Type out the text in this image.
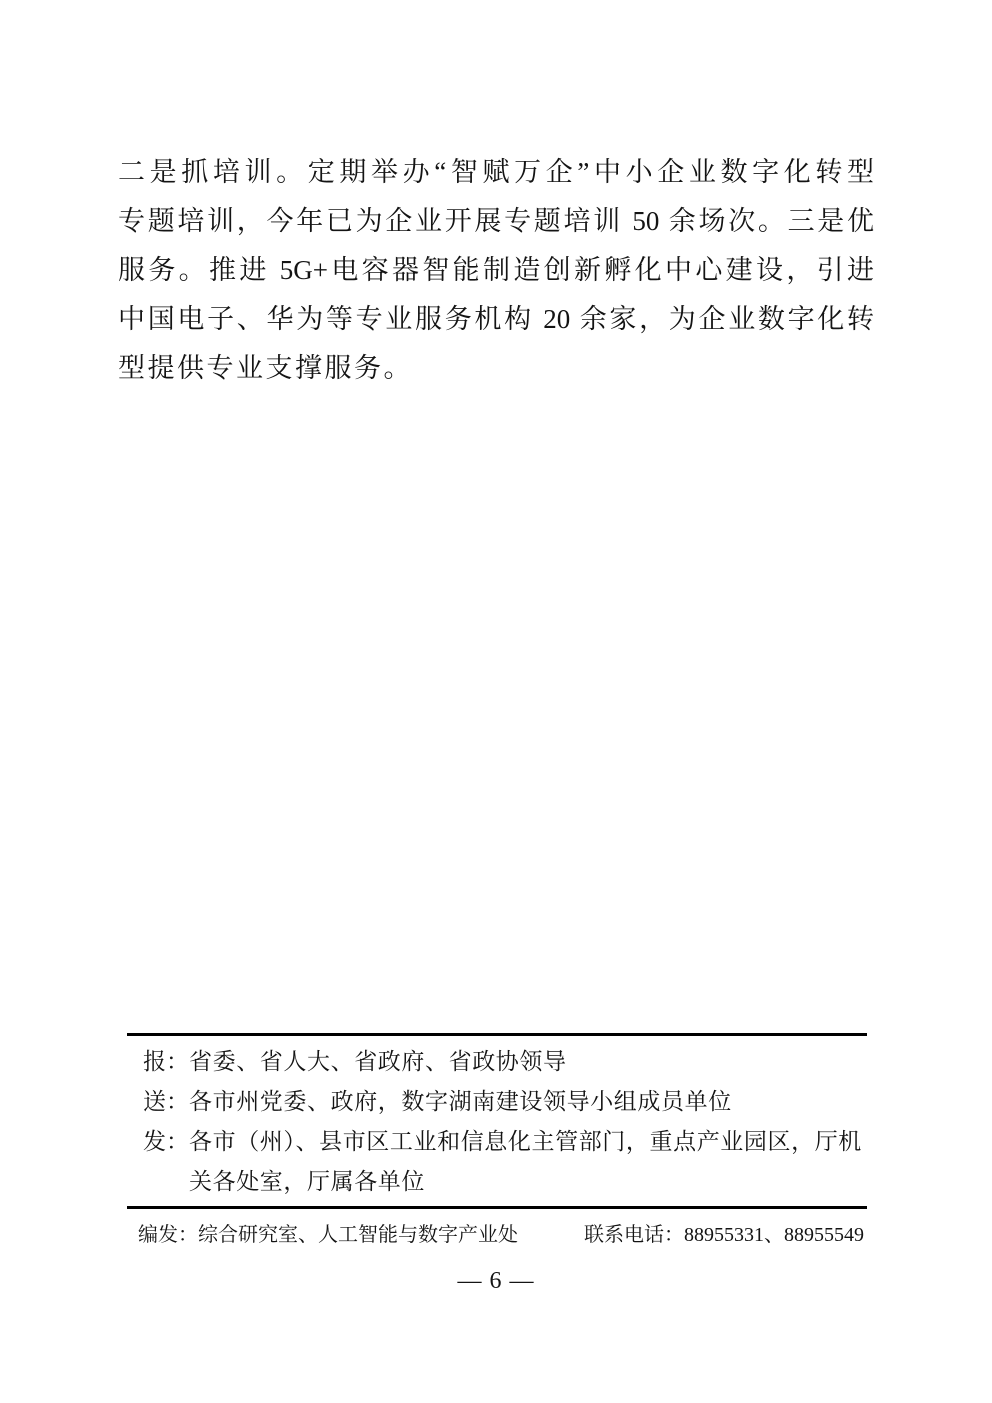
二是抓培训。定期举办“智赋万企”中小企业数字化转型
专题培训，今年已为企业开展专题培训 50 余场次。三是优
服务。推进 5G+电容器智能制造创新孵化中心建设，引进
中国电子、华为等专业服务机构 20 余家，为企业数字化转
型提供专业支撑服务。
报： 省委、省人大、省政府、省政协领导
送： 各市州党委、政府，数字湖南建设领导小组成员单位
发： 各市（州）、县市区工业和信息化主管部门，重点产业园区，厅机
关各处室，厅属各单位
编发：综合研究室、人工智能与数字产业处	联系电话：88955331、88955549
— 6 —
